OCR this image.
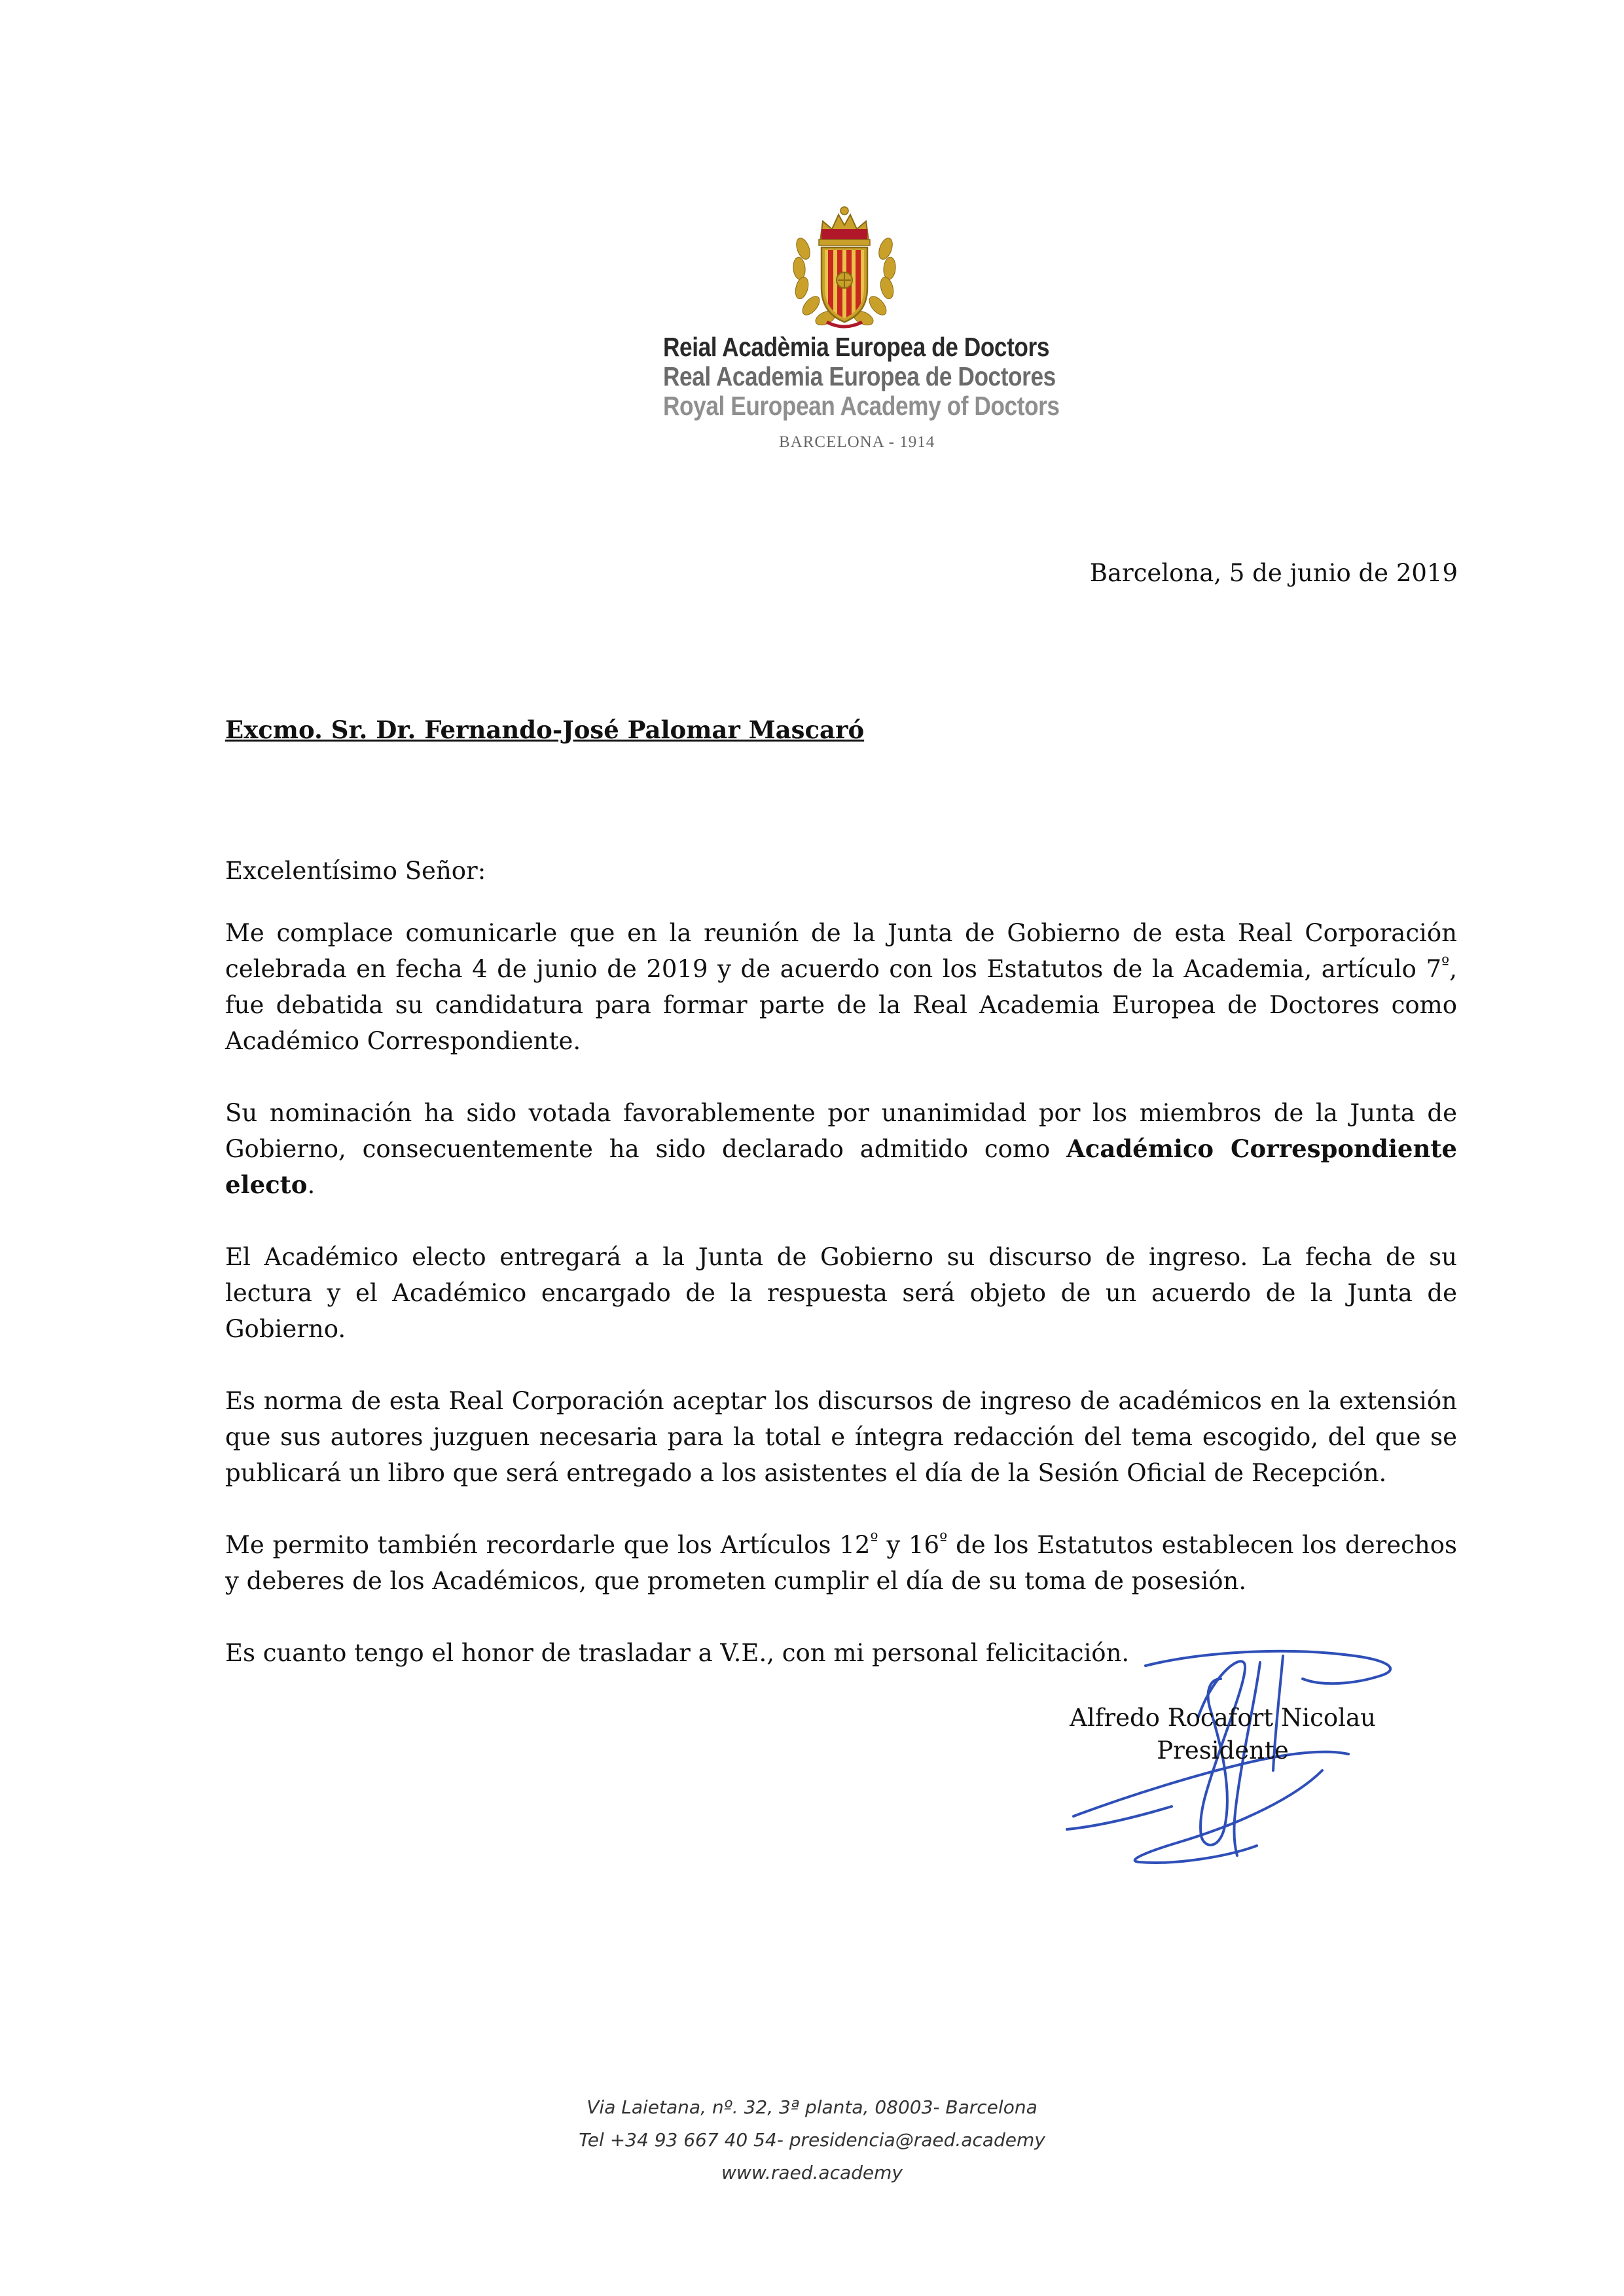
Reial Acadèmia Europea de Doctors
Real Academia Europea de Doctores
Royal European Academy of Doctors
BARCELONA - 1914
Barcelona, 5 de junio de 2019
Excmo. Sr. Dr. Fernando-José Palomar Mascaró
Excelentísimo Señor:

Me complace comunicarle que en la reunión de la Junta de Gobierno de esta Real Corporación celebrada en fecha 4 de junio de 2019 y de acuerdo con los Estatutos de la Academia, artículo $7^º$, fue debatida su candidatura para formar parte de la Real Academia Europea de Doctores como Académico Correspondiente.

Su nominación ha sido votada favorablemente por unanimidad por los miembros de la Junta de Gobierno, consecuentemente ha sido declarado admitido como Académico Correspondiente electo.

El Académico electo entregará a la Junta de Gobierno su discurso de ingreso. La fecha de su lectura y el Académico encargado de la respuesta será objeto de un acuerdo de la Junta de Gobierno.

Es norma de esta Real Corporación aceptar los discursos de ingreso de académicos en la extensión que sus autores juzguen necesaria para la total e íntegra redacción del tema escogido, del que se publicará un libro que será entregado a los asistentes el día de la Sesión Oficial de Recepción.

Me permito también recordarle que los Artículos $12^º$ y $16^º$ de los Estatutos establecen los derechos y deberes de los Académicos, que prometen cumplir el día de su toma de posesión.

Es cuanto tengo el honor de trasladar a V.E., con mi personal felicitación.

Alfredo Rocafort Nicolau
Presidente
Via Laietana, nº. 32, 3ª planta, 08003- Barcelona
Tel +34 93 667 40 54- presidencia@raed.academy
www.raed.academy
